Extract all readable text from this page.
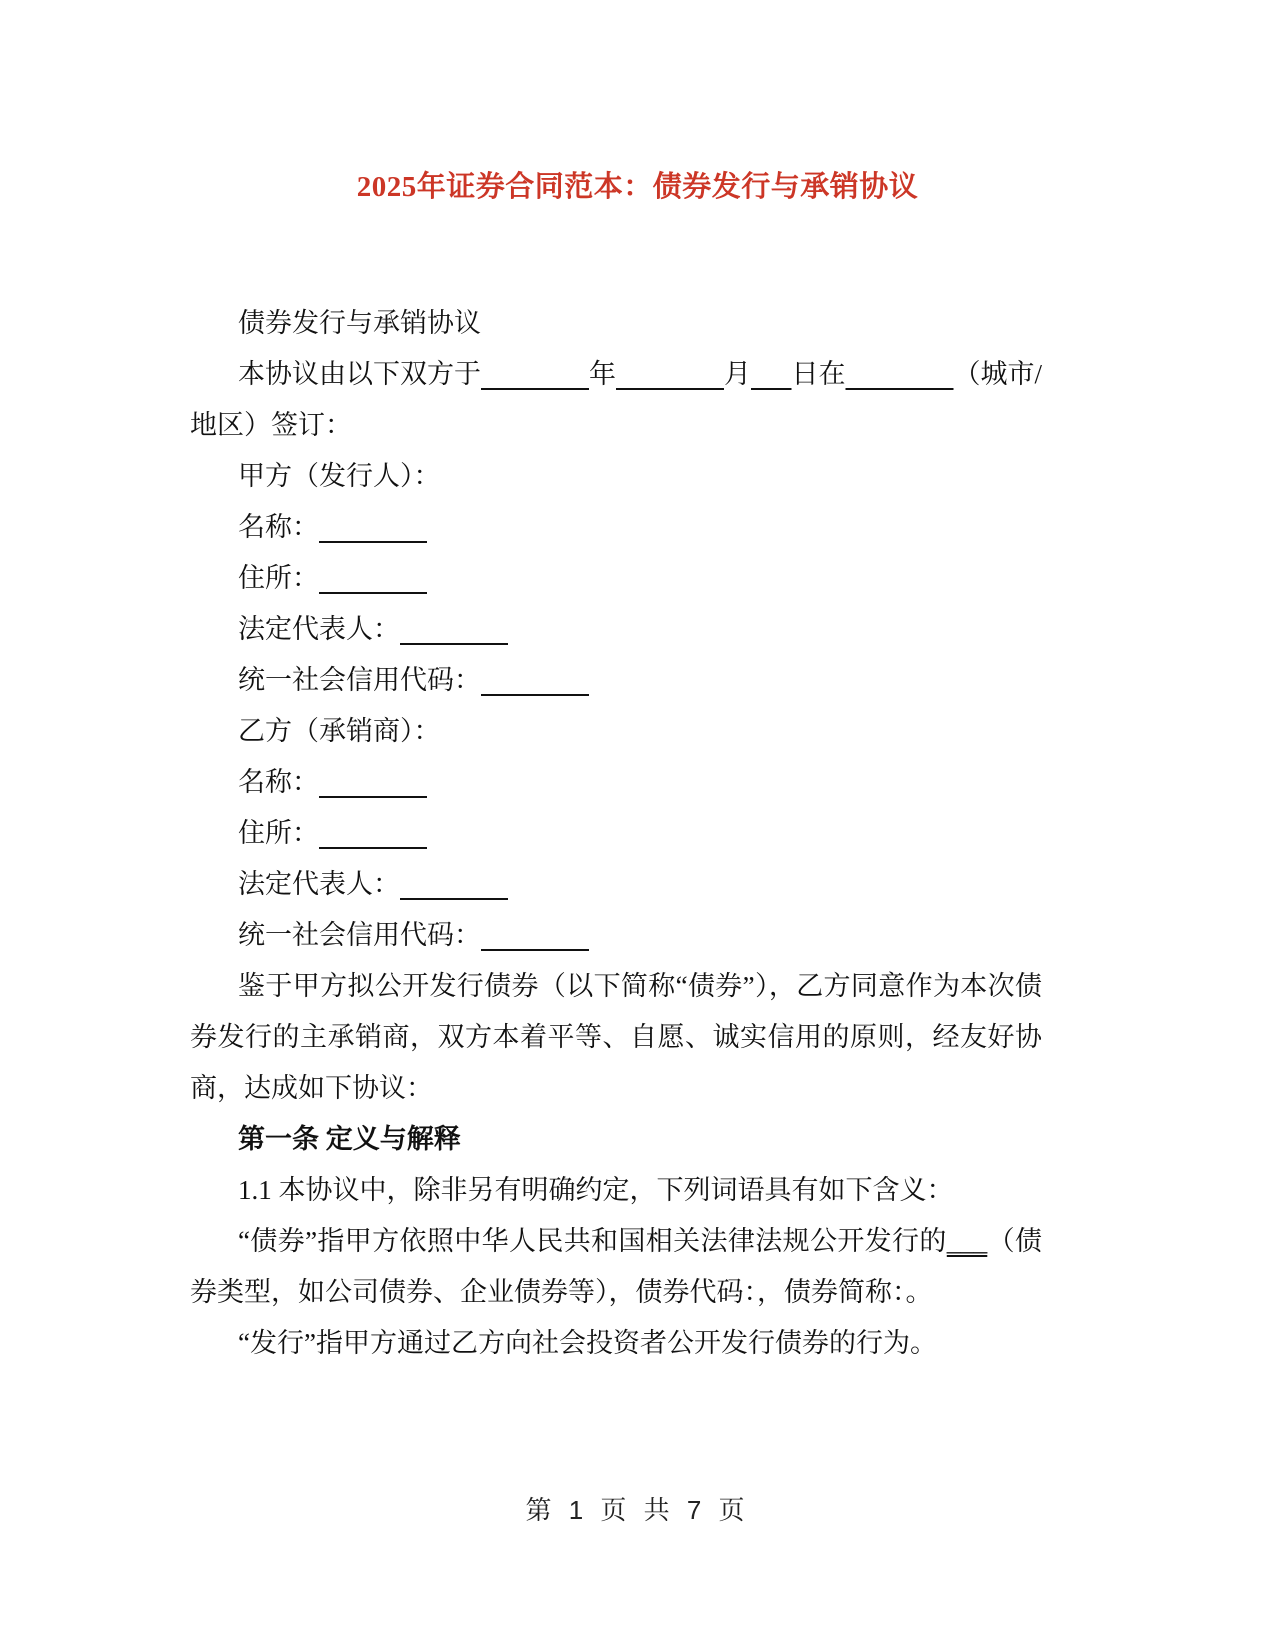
2025年证券合同范本：债券发行与承销协议

债券发行与承销协议

本协议由以下双方于	年	月 日在	（城市/地区）签订：

甲方（发行人）：

名称：

住所：

法定代表人：

统一社会信用代码：

乙方（承销商）：

名称：

住所：

法定代表人：

统一社会信用代码：

鉴于甲方拟公开发行债券（以下简称“债券”），乙方同意作为本次债券发行的主承销商，双方本着平等、自愿、诚实信用的原则，经友好协商，达成如下协议：

第一条 定义与解释

1.1 本协议中，除非另有明确约定，下列词语具有如下含义：

“债券”指甲方依照中华人民共和国相关法律法规公开发行的___（债券类型，如公司债券、企业债券等），债券代码：，债券简称：。

“发行”指甲方通过乙方向社会投资者公开发行债券的行为。

第 1 页 共 7 页
